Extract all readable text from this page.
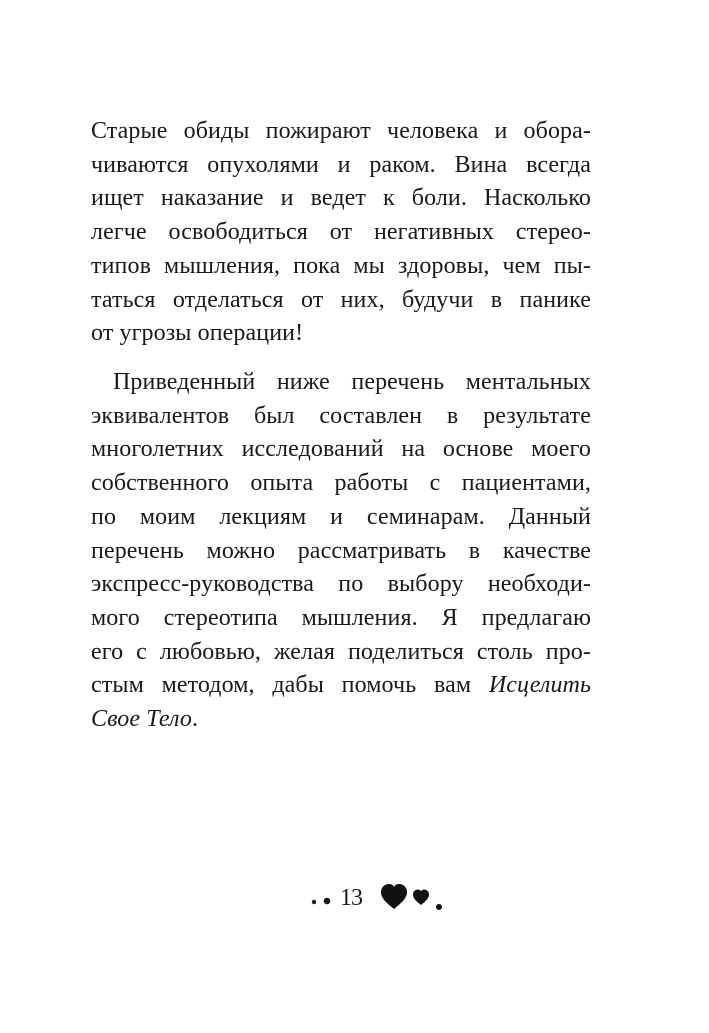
Старые обиды пожирают человека и обора-
чиваются опухолями и раком. Вина всегда
ищет наказание и ведет к боли. Насколько
легче освободиться от негативных стерео-
типов мышления, пока мы здоровы, чем пы-
таться отделаться от них, будучи в панике
от угрозы операции!
Приведенный ниже перечень ментальных
эквивалентов был составлен в результате
многолетних исследований на основе моего
собственного опыта работы с пациентами,
по моим лекциям и семинарам. Данный
перечень можно рассматривать в качестве
экспресс-руководства по выбору необходи-
мого стереотипа мышления. Я предлагаю
его с любовью, желая поделиться столь про-
стым методом, дабы помочь вам Исцелить
Свое Тело.
13
